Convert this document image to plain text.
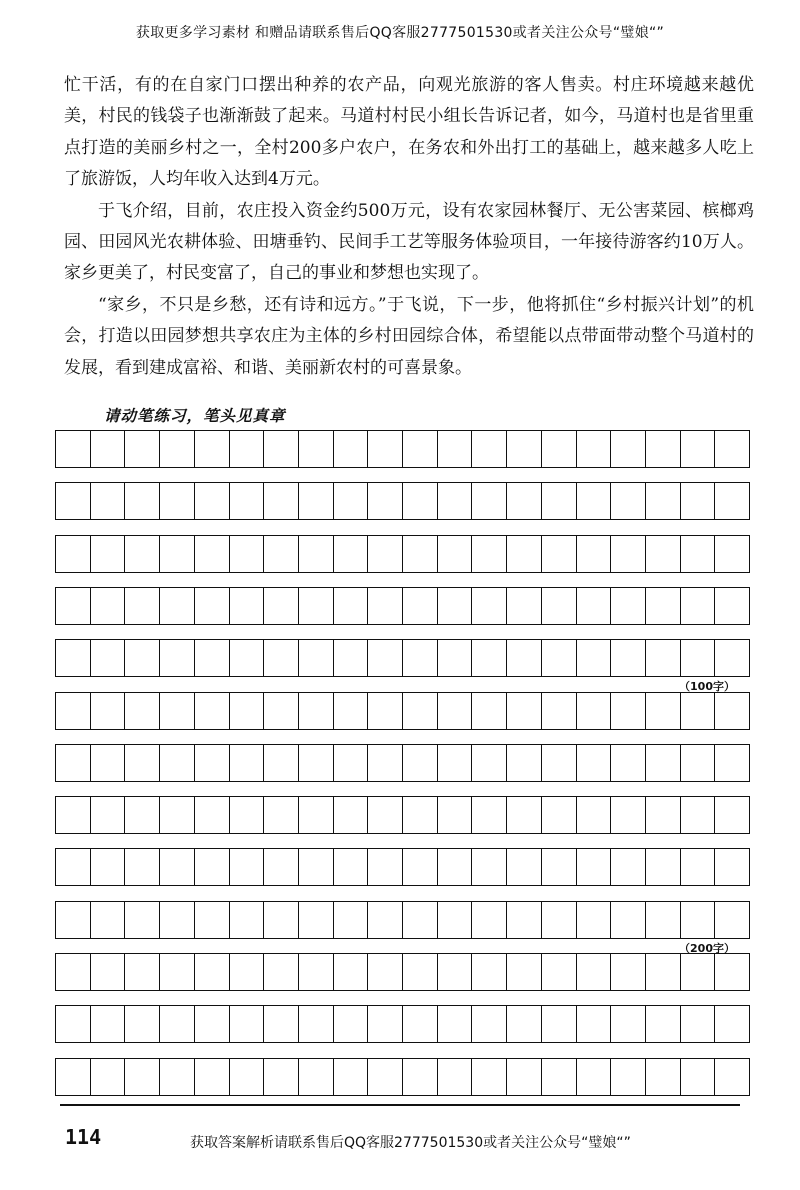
获取更多学习素材 和赠品请联系售后QQ客服2777501530或者关注公众号“璧娘“”

忙干活，有的在自家门口摆出种养的农产品，向观光旅游的客人售卖。村庄环境越来越优美，村民的钱袋子也渐渐鼓了起来。马道村村民小组长告诉记者，如今，马道村也是省里重点打造的美丽乡村之一，全村200多户农户，在务农和外出打工的基础上，越来越多人吃上了旅游饭，人均年收入达到4万元。

于飞介绍，目前，农庄投入资金约500万元，设有农家园林餐厅、无公害菜园、槟榔鸡园、田园风光农耕体验、田塘垂钓、民间手工艺等服务体验项目，一年接待游客约10万人。家乡更美了，村民变富了，自己的事业和梦想也实现了。

“家乡，不只是乡愁，还有诗和远方。”于飞说，下一步，他将抓住“乡村振兴计划”的机会，打造以田园梦想共享农庄为主体的乡村田园综合体，希望能以点带面带动整个马道村的发展，看到建成富裕、和谐、美丽新农村的可喜景象。

请动笔练习，笔头见真章
（100字）
（200字）
114	获取答案解析请联系售后QQ客服2777501530或者关注公众号“璧娘“”
